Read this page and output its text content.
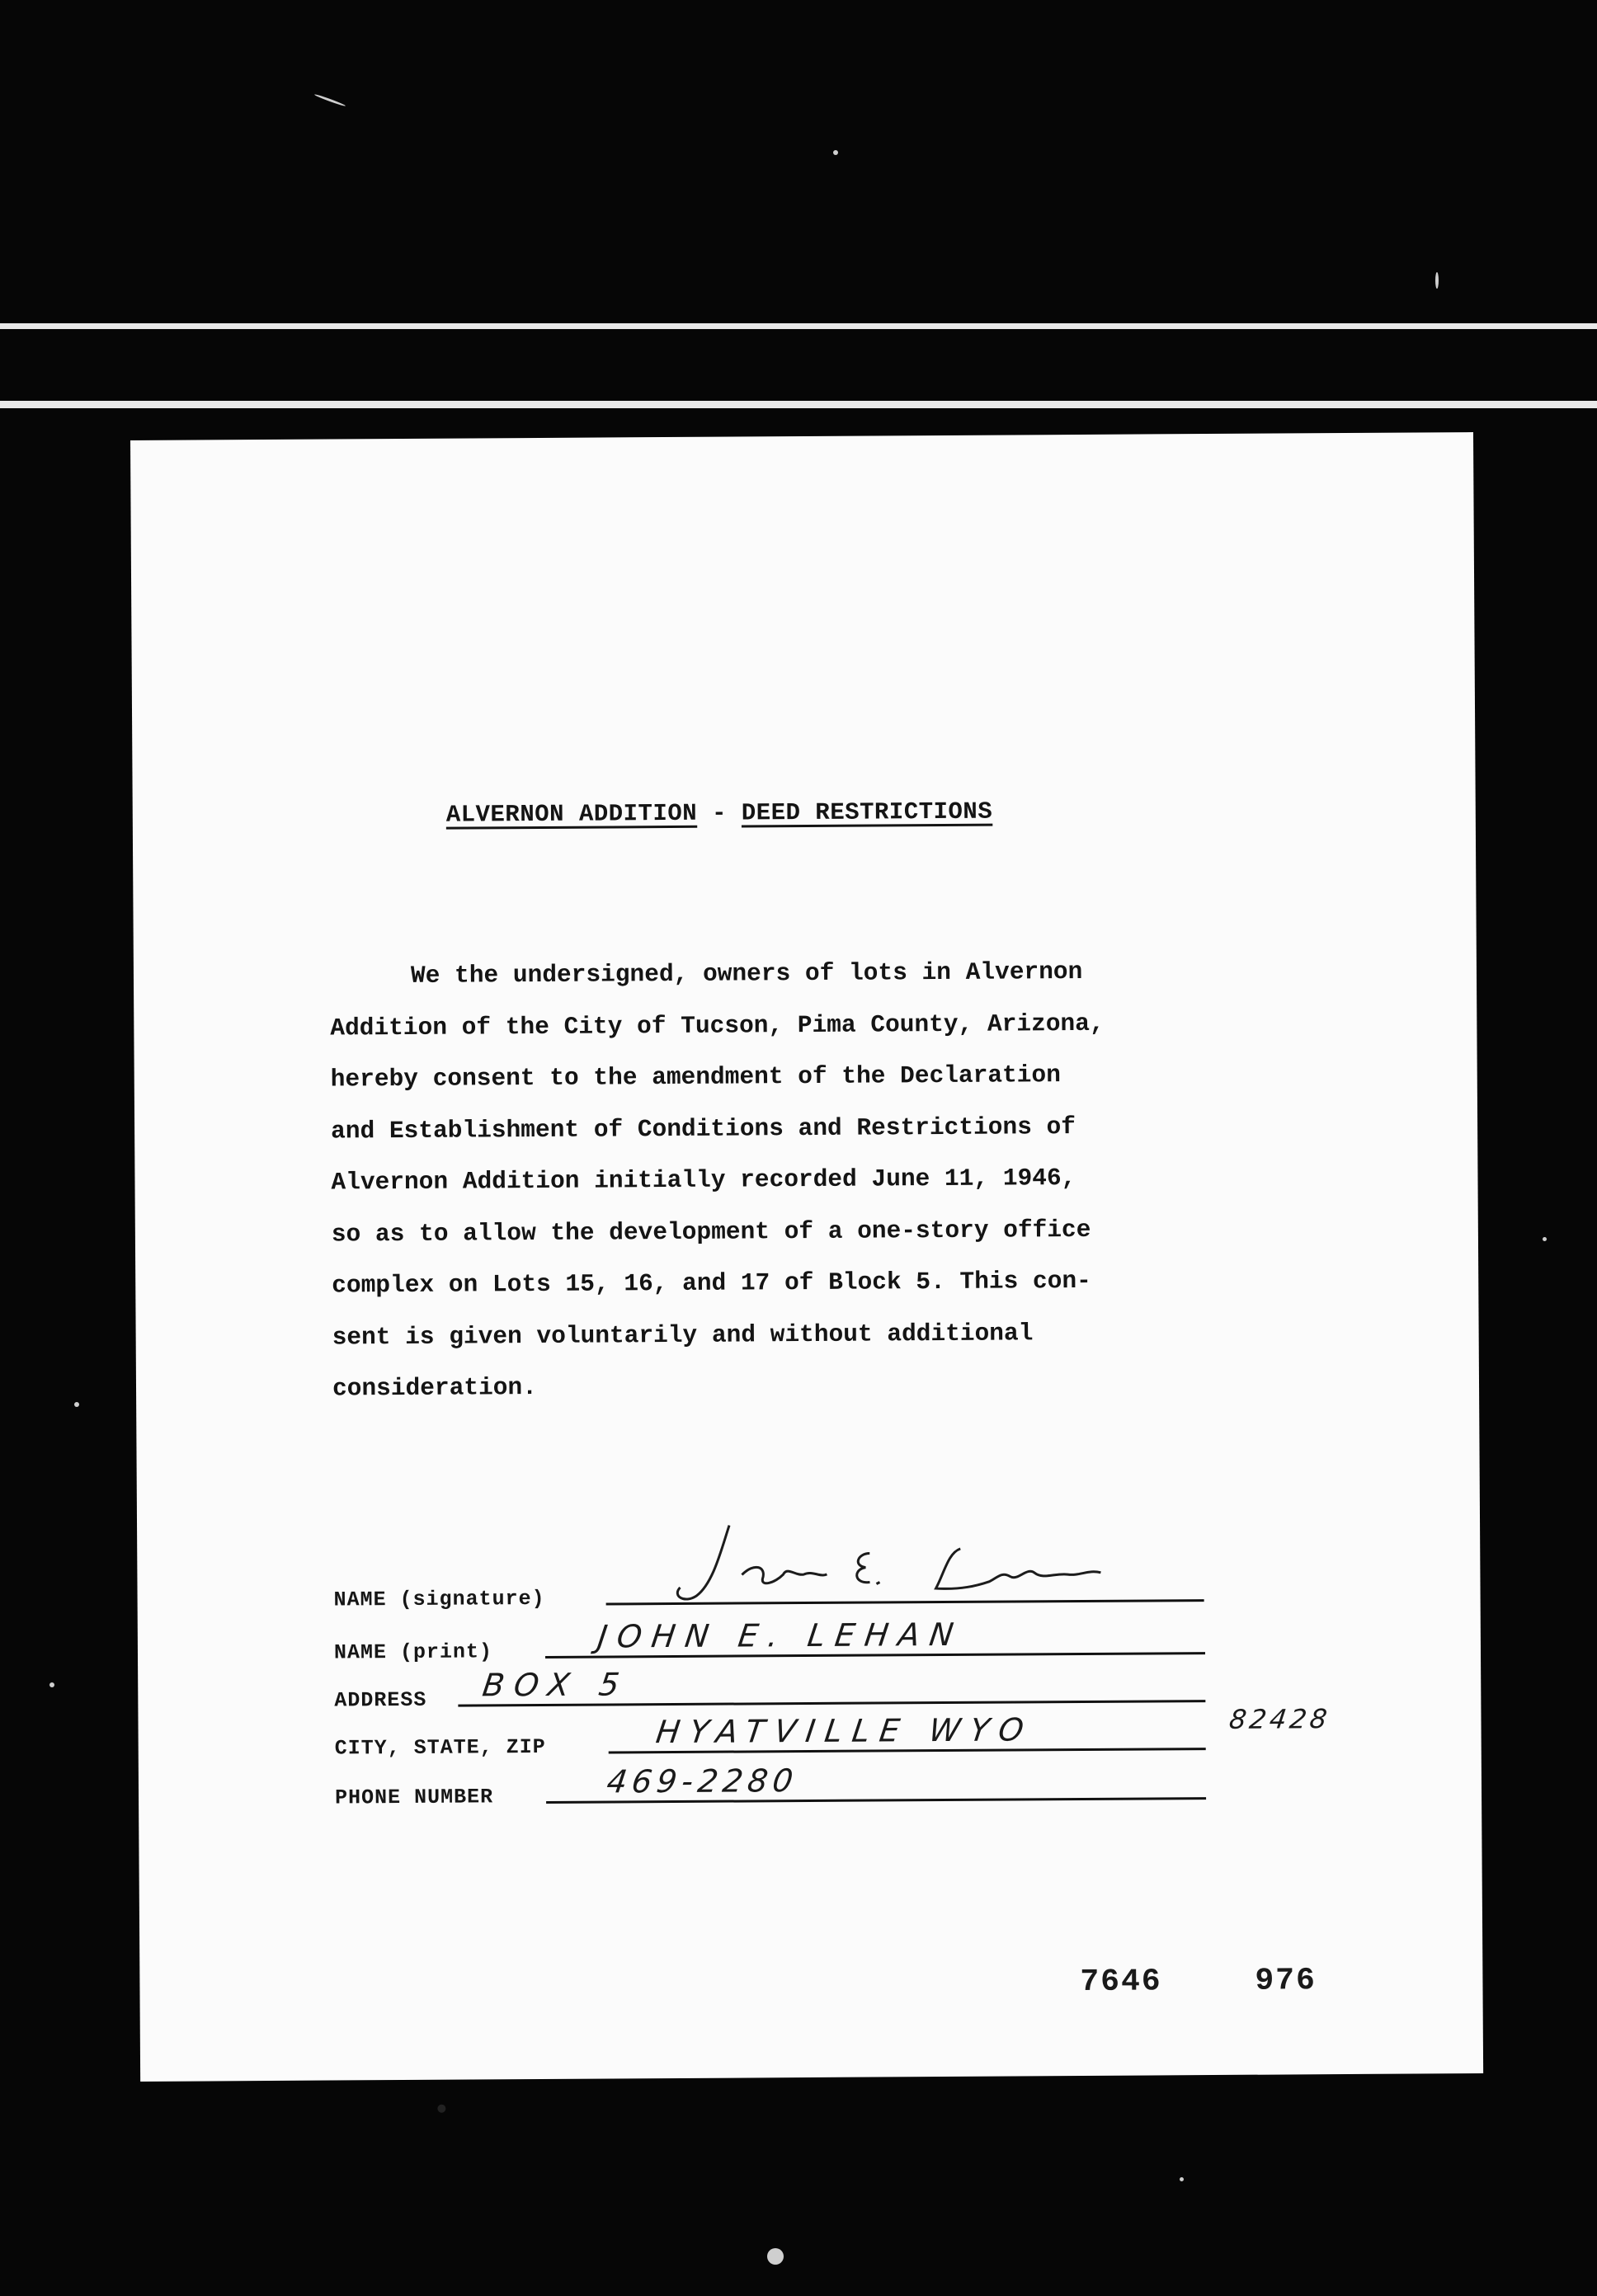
ALVERNON ADDITION - DEED RESTRICTIONS
We the undersigned, owners of lots in Alvernon
Addition of the City of Tucson, Pima County, Arizona,
hereby consent to the amendment of the Declaration
and Establishment of Conditions and Restrictions of
Alvernon Addition initially recorded June 11, 1946,
so as to allow the development of a one-story office
complex on Lots 15, 16, and 17 of Block 5. This con-
sent is given voluntarily and without additional
consideration.
NAME (signature)
NAME (print)	JOHN E. LEHAN
ADDRESS BOX 5
CITY, STATE, ZIP	HYATVILLE WYO	82428
PHONE NUMBER	469-2280
7646	976
